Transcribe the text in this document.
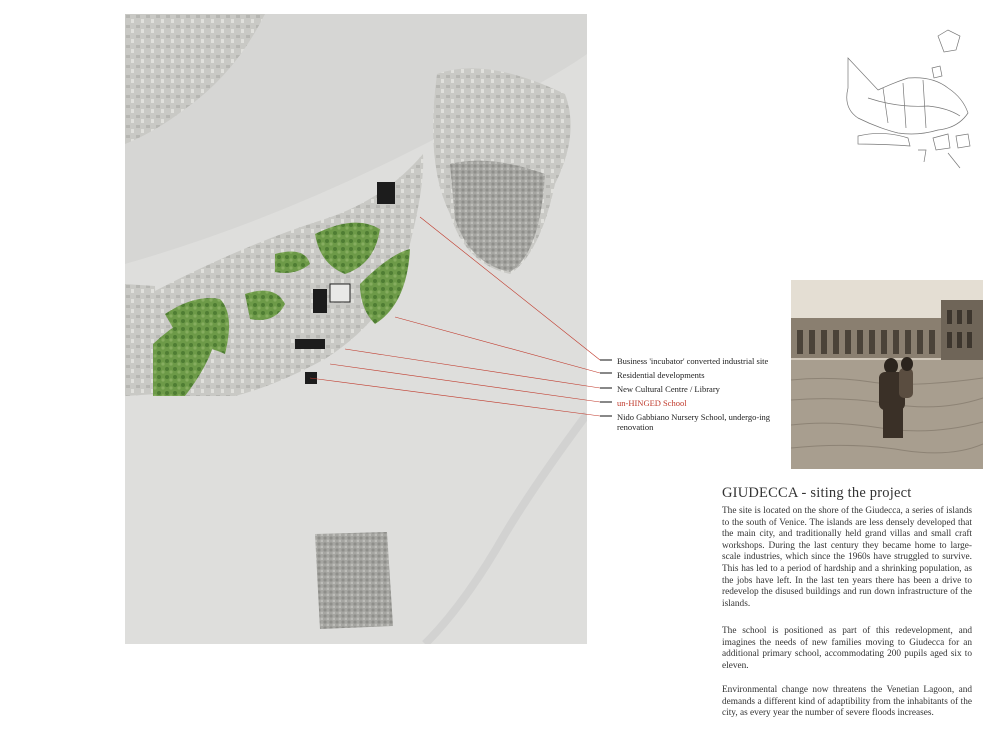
Business 'incubator' converted industrial site
Residential developments
New Cultural Centre / Library
un-HINGED School
Nido Gabbiano Nursery School, undergo-ing renovation
GIUDECCA - siting the project

The site is located on the shore of the Giudecca, a series of islands to the south of Venice. The islands are less densely developed that the main city, and traditionally held grand villas and small craft workshops. During the last century they became home to large-scale industries, which since the 1960s have struggled to survive. This has led to a period of hardship and a shrinking population, as the jobs have left. In the last ten years there has been a drive to redevelop the disused buildings and run down infrastructure of the islands.

The school is positioned as part of this redevelopment, and imagines the needs of new families moving to Giudecca for an additional primary school, accommodating 200 pupils aged six to eleven.

Environmental change now threatens the Venetian Lagoon, and demands a different kind of adaptibility from the inhabitants of the city, as every year the number of severe floods increases.
